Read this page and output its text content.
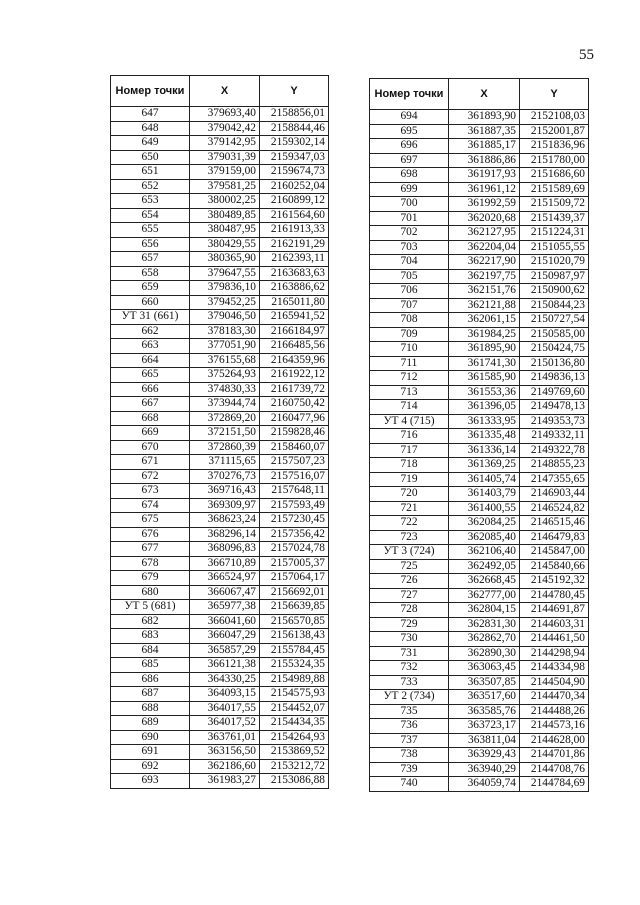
55
Номер точки	X	Y
647	379693,40	2158856,01
648	379042,42	2158844,46
649	379142,95	2159302,14
650	379031,39	2159347,03
651	379159,00	2159674,73
652	379581,25	2160252,04
653	380002,25	2160899,12
654	380489,85	2161564,60
655	380487,95	2161913,33
656	380429,55	2162191,29
657	380365,90	2162393,11
658	379647,55	2163683,63
659	379836,10	2163886,62
660	379452,25	2165011,80
УТ 31 (661)	379046,50	2165941,52
662	378183,30	2166184,97
663	377051,90	2166485,56
664	376155,68	2164359,96
665	375264,93	2161922,12
666	374830,33	2161739,72
667	373944,74	2160750,42
668	372869,20	2160477,96
669	372151,50	2159828,46
670	372860,39	2158460,07
671	371115,65	2157507,23
672	370276,73	2157516,07
673	369716,43	2157648,11
674	369309,97	2157593,49
675	368623,24	2157230,45
676	368296,14	2157356,42
677	368096,83	2157024,78
678	366710,89	2157005,37
679	366524,97	2157064,17
680	366067,47	2156692,01
УТ 5 (681)	365977,38	2156639,85
682	366041,60	2156570,85
683	366047,29	2156138,43
684	365857,29	2155784,45
685	366121,38	2155324,35
686	364330,25	2154989,88
687	364093,15	2154575,93
688	364017,55	2154452,07
689	364017,52	2154434,35
690	363761,01	2154264,93
691	363156,50	2153869,52
692	362186,60	2153212,72
693	361983,27	2153086,88
Номер точки	X	Y
694	361893,90	2152108,03
695	361887,35	2152001,87
696	361885,17	2151836,96
697	361886,86	2151780,00
698	361917,93	2151686,60
699	361961,12	2151589,69
700	361992,59	2151509,72
701	362020,68	2151439,37
702	362127,95	2151224,31
703	362204,04	2151055,55
704	362217,90	2151020,79
705	362197,75	2150987,97
706	362151,76	2150900,62
707	362121,88	2150844,23
708	362061,15	2150727,54
709	361984,25	2150585,00
710	361895,90	2150424,75
711	361741,30	2150136,80
712	361585,90	2149836,13
713	361553,36	2149769,60
714	361396,05	2149478,13
УТ 4 (715)	361333,95	2149353,73
716	361335,48	2149332,11
717	361336,14	2149322,78
718	361369,25	2148855,23
719	361405,74	2147355,65
720	361403,79	2146903,44
721	361400,55	2146524,82
722	362084,25	2146515,46
723	362085,40	2146479,83
УТ 3 (724)	362106,40	2145847,00
725	362492,05	2145840,66
726	362668,45	2145192,32
727	362777,00	2144780,45
728	362804,15	2144691,87
729	362831,30	2144603,31
730	362862,70	2144461,50
731	362890,30	2144298,94
732	363063,45	2144334,98
733	363507,85	2144504,90
УТ 2 (734)	363517,60	2144470,34
735	363585,76	2144488,26
736	363723,17	2144573,16
737	363811,04	2144628,00
738	363929,43	2144701,86
739	363940,29	2144708,76
740	364059,74	2144784,69
